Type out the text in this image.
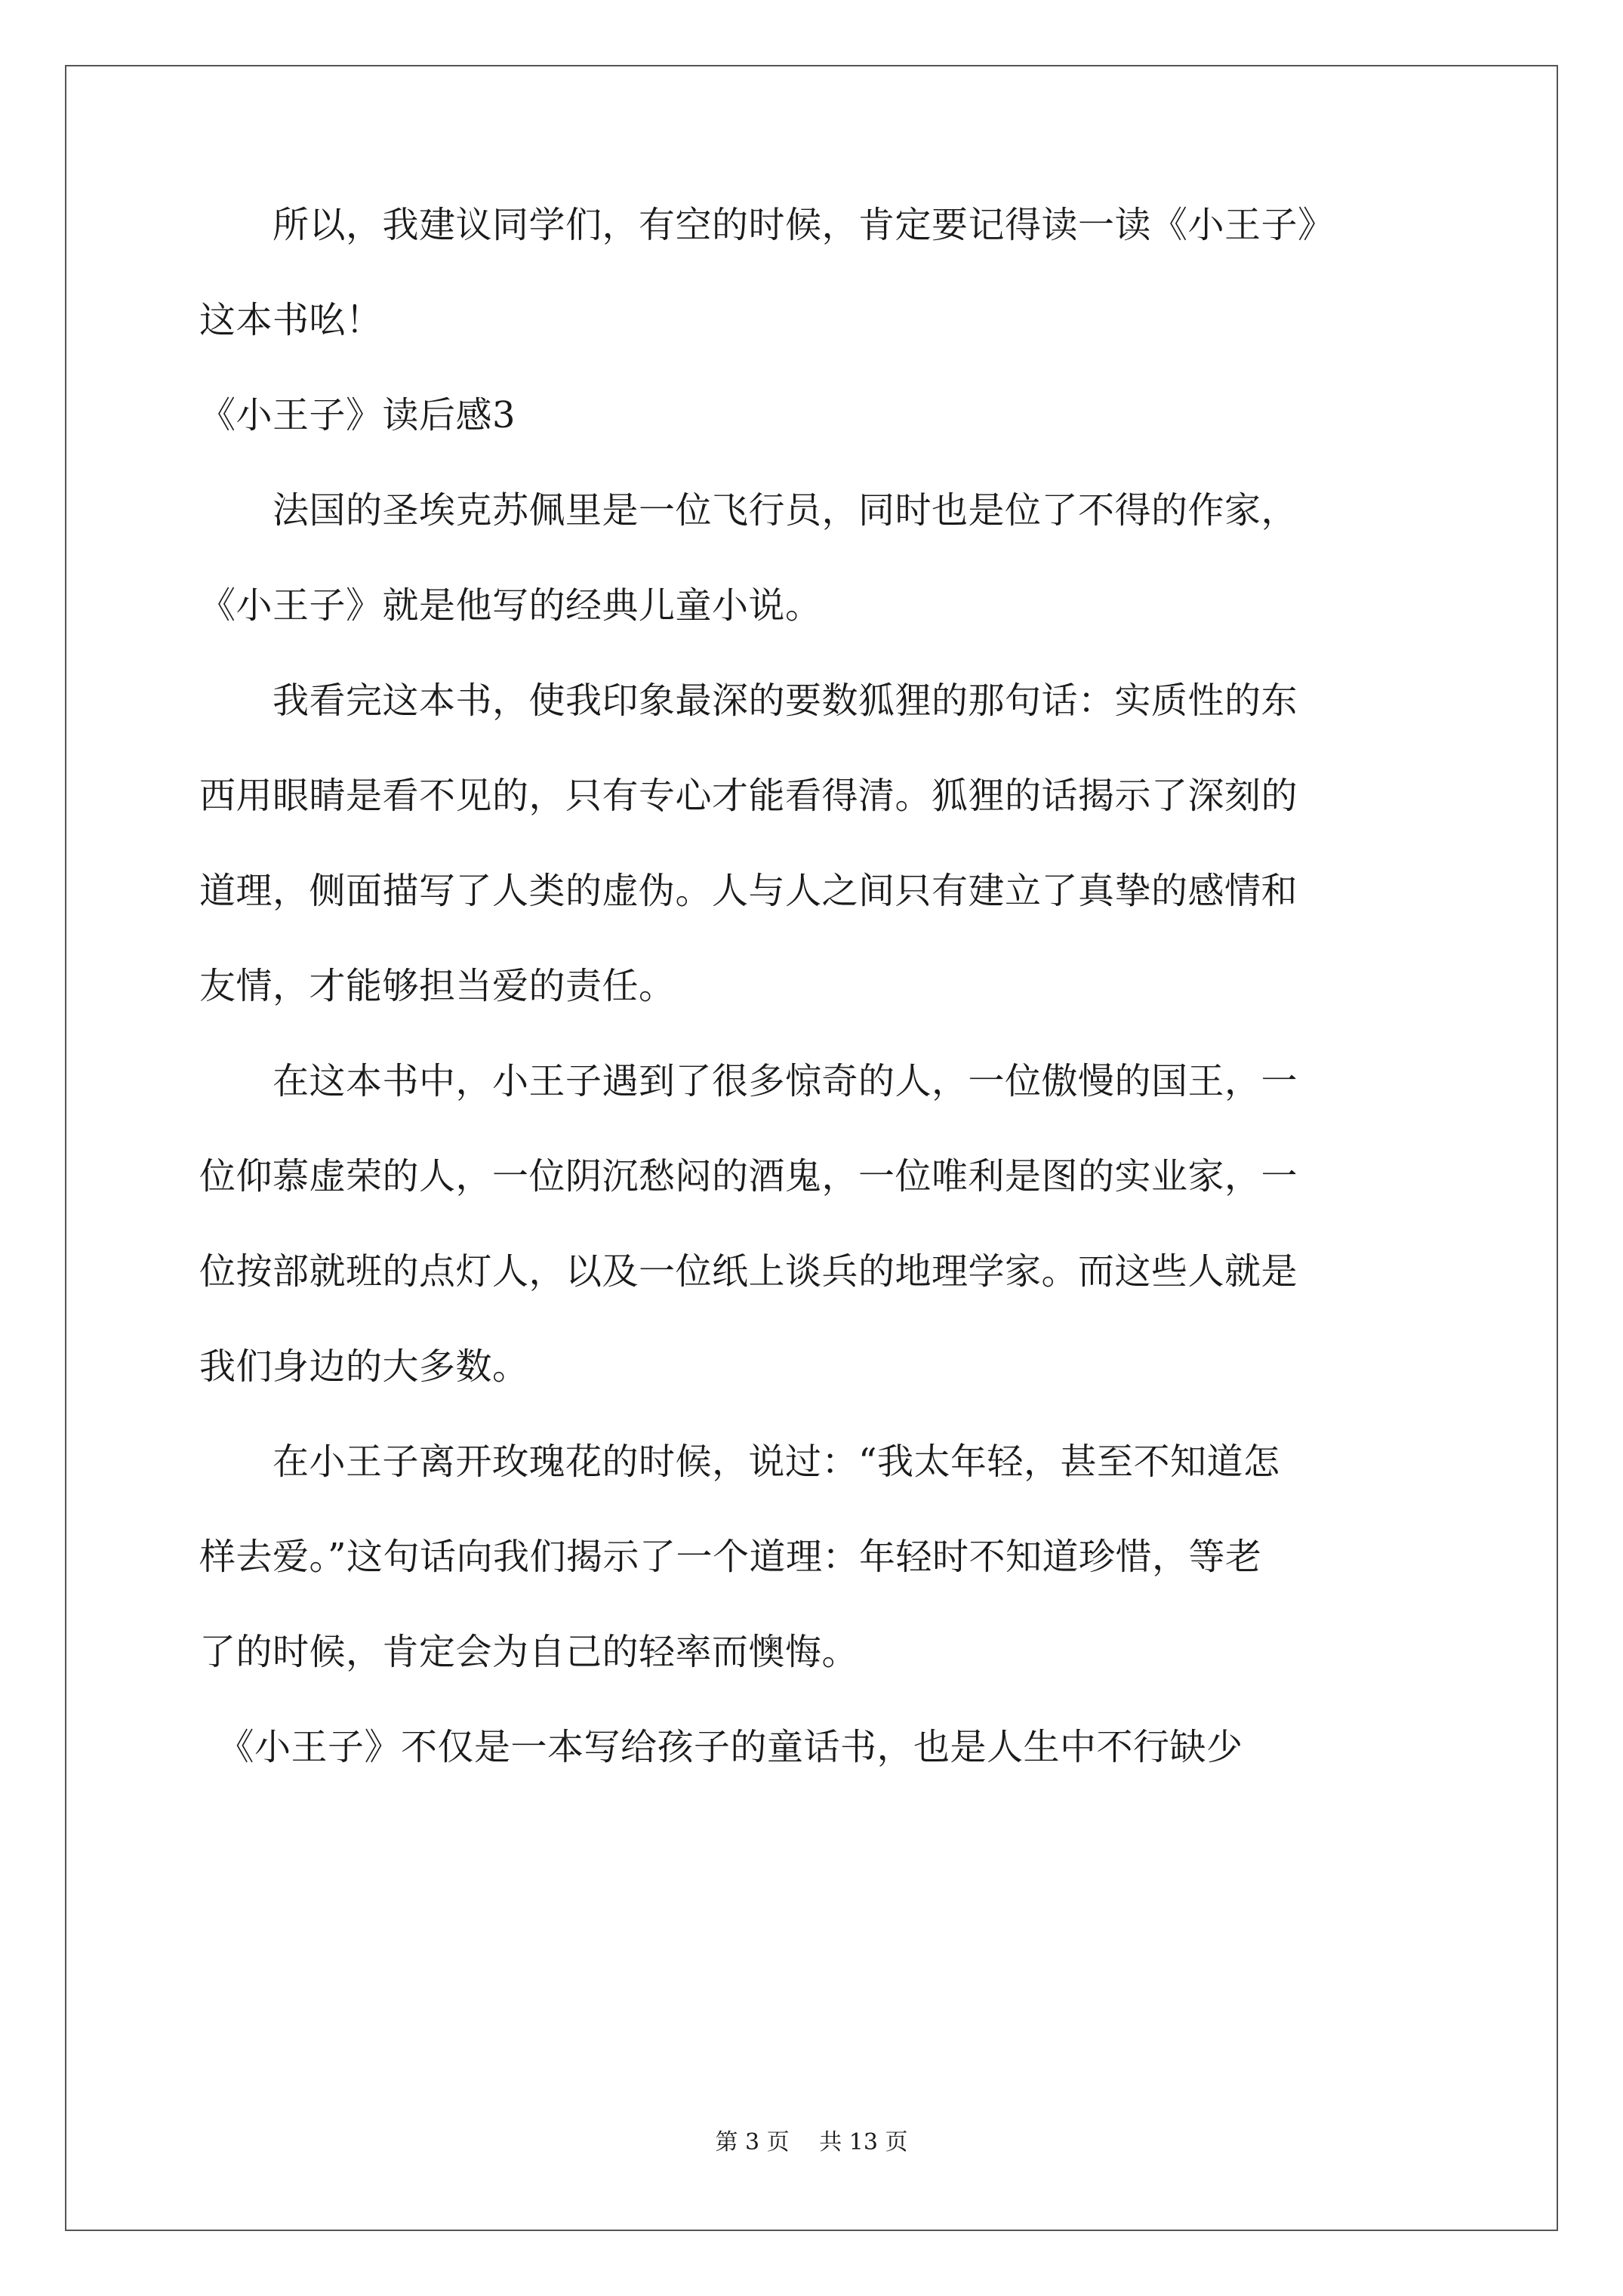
　　所以，我建议同学们，有空的时候，肯定要记得读一读《小王子》
这本书吆！
《小王子》读后感3
　　法国的圣埃克苏佩里是一位飞行员，同时也是位了不得的作家，
《小王子》就是他写的经典儿童小说。
　　我看完这本书，使我印象最深的要数狐狸的那句话：实质性的东
西用眼睛是看不见的，只有专心才能看得清。狐狸的话揭示了深刻的
道理，侧面描写了人类的虚伪。人与人之间只有建立了真挚的感情和
友情，才能够担当爱的责任。
　　在这本书中，小王子遇到了很多惊奇的人，一位傲慢的国王，一
位仰慕虚荣的人，一位阴沉愁闷的酒鬼，一位唯利是图的实业家，一
位按部就班的点灯人，以及一位纸上谈兵的地理学家。而这些人就是
我们身边的大多数。
　　在小王子离开玫瑰花的时候，说过：“我太年轻，甚至不知道怎
样去爱。”这句话向我们揭示了一个道理：年轻时不知道珍惜，等老
了的时候，肯定会为自己的轻率而懊悔。
　《小王子》不仅是一本写给孩子的童话书，也是人生中不行缺少
第 3 页　 共 13 页
